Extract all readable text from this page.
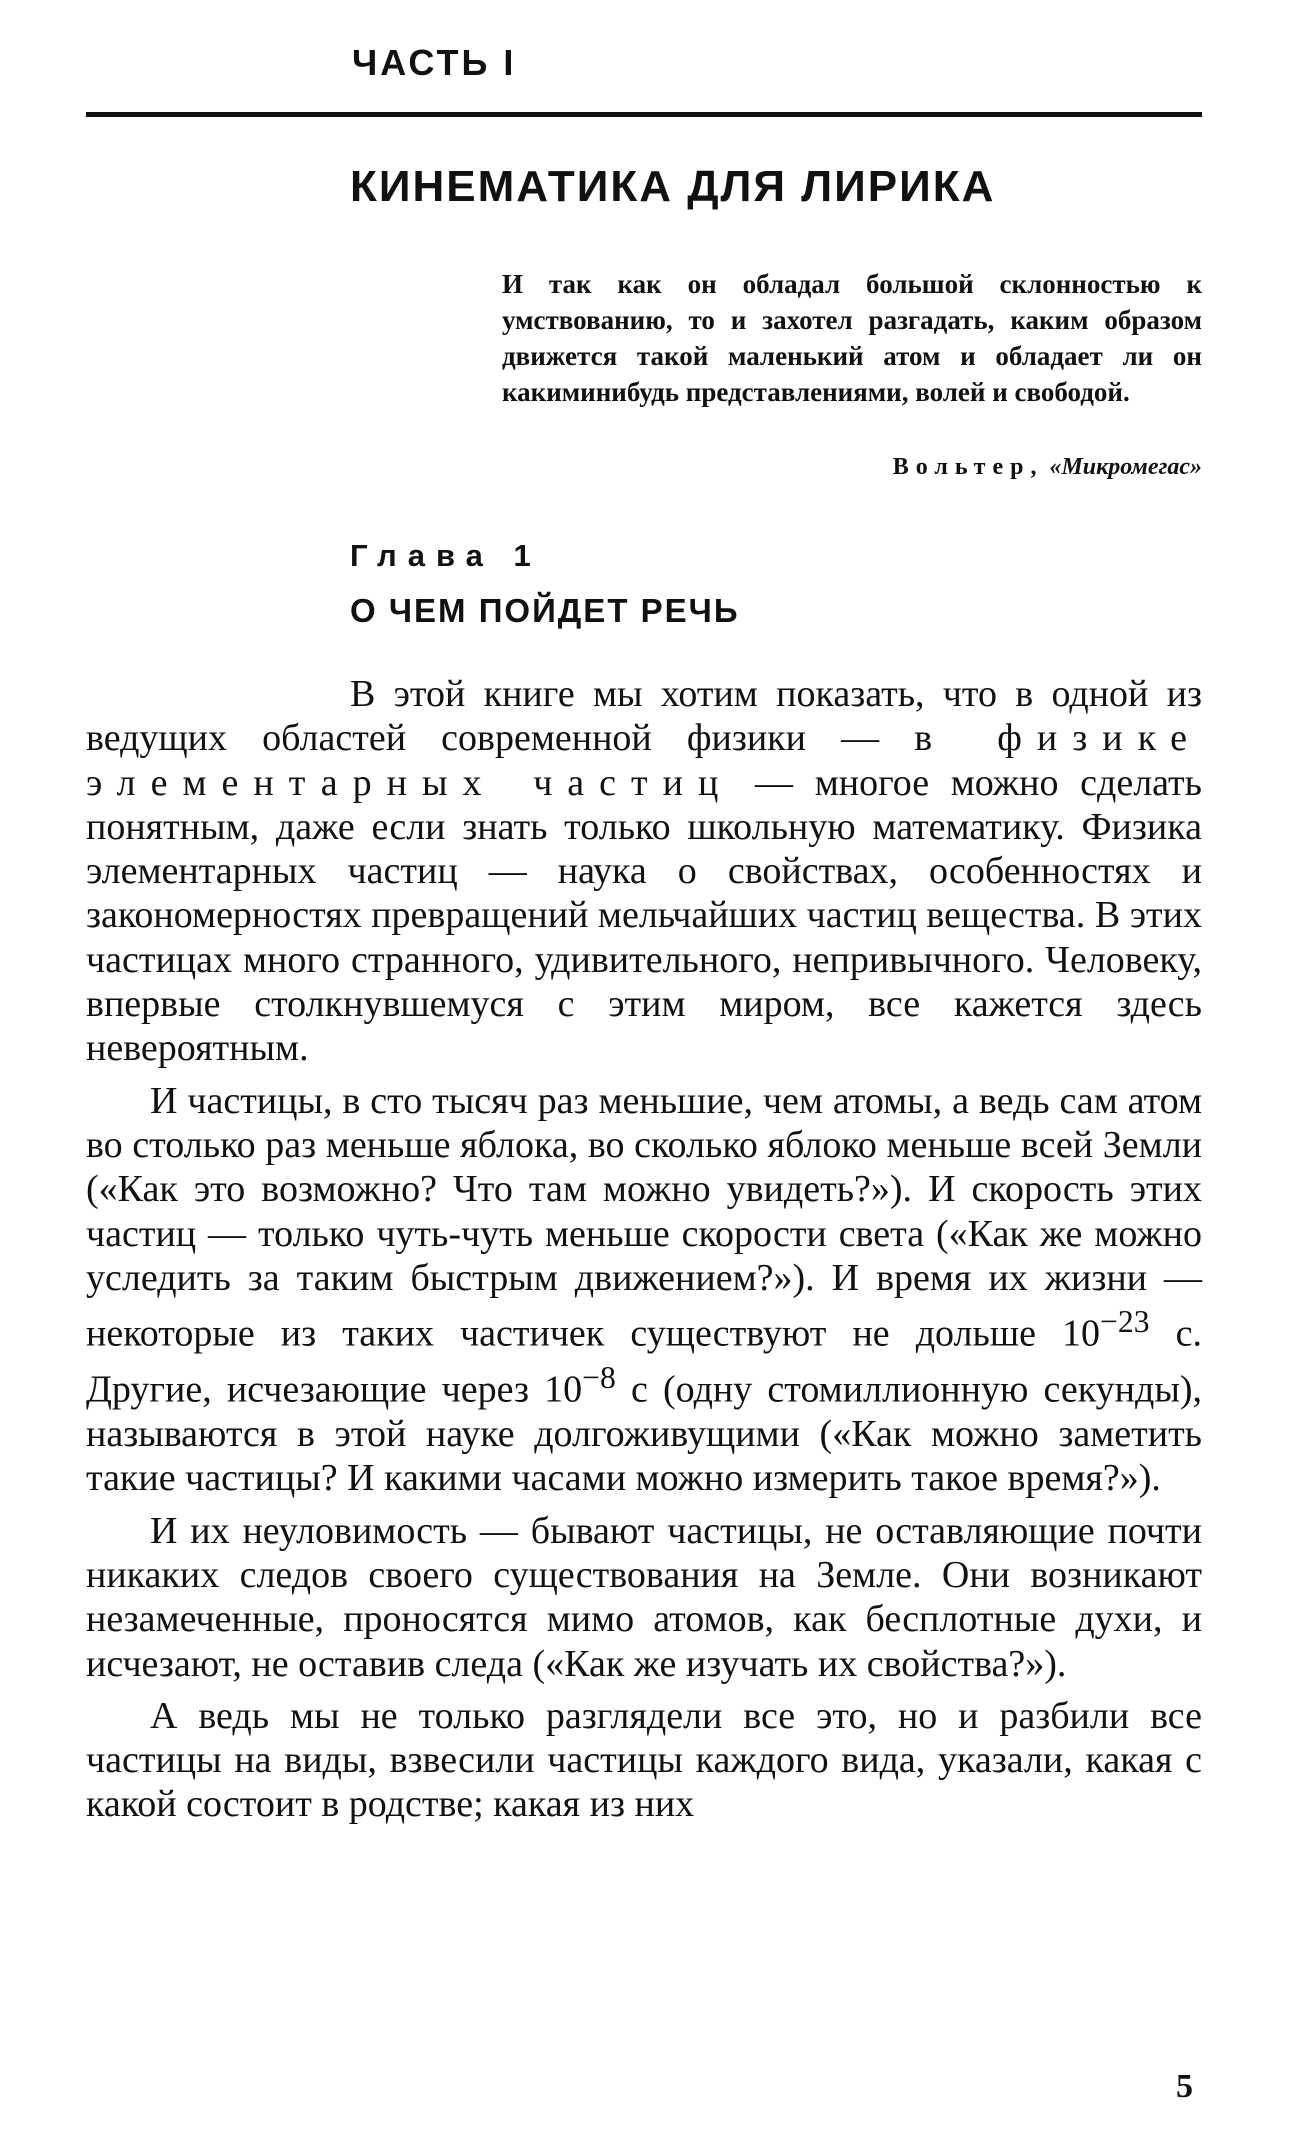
ЧАСТЬ I
КИНЕМАТИКА ДЛЯ ЛИРИКА
И так как он обладал большой склонностью к умствованию, то и захотел разгадать, каким образом движется такой маленький атом и обладает ли он какиминибудь представлениями, волей и свободой.
Вольтер, «Микромегас»
Глава 1
О ЧЕМ ПОЙДЕТ РЕЧЬ

В этой книге мы хотим показать, что в одной из ведущих областей современной физики — в физике элементарных частиц — многое можно сделать понятным, даже если знать только школьную математику. Физика элементарных частиц — наука о свойствах, особенностях и закономерностях превращений мельчайших частиц вещества. В этих частицах много странного, удивительного, непривычного. Человеку, впервые столкнувшемуся с этим миром, все кажется здесь невероятным.

И частицы, в сто тысяч раз меньшие, чем атомы, а ведь сам атом во столько раз меньше яблока, во сколько яблоко меньше всей Земли («Как это возможно? Что там можно увидеть?»). И скорость этих частиц — только чуть-чуть меньше скорости света («Как же можно уследить за таким быстрым движением?»). И время их жизни — некоторые из таких частичек существуют не дольше $10^{-23}$ с. Другие, исчезающие через $10^{-8}$ с (одну стомиллионную секунды), называются в этой науке долгоживущими («Как можно заметить такие частицы? И какими часами можно измерить такое время?»).

И их неуловимость — бывают частицы, не оставляющие почти никаких следов своего существования на Земле. Они возникают незамеченные, проносятся мимо атомов, как бесплотные духи, и исчезают, не оставив следа («Как же изучать их свойства?»).

А ведь мы не только разглядели все это, но и разбили все частицы на виды, взвесили частицы каждого вида, указали, какая с какой состоит в родстве; какая из них

5
